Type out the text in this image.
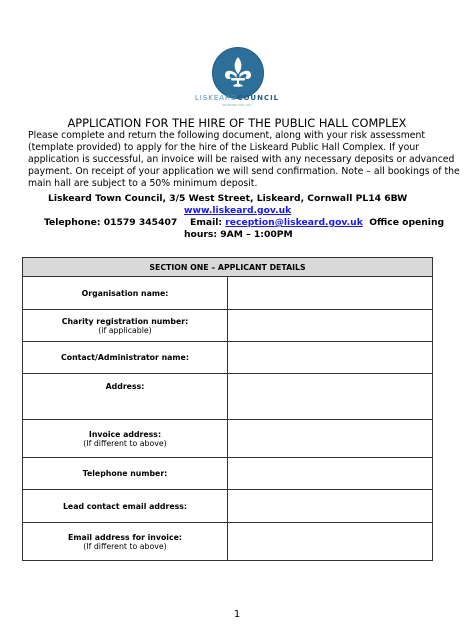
LISKEARDCOUNCIL
WORKING FOR YOU
APPLICATION FOR THE HIRE OF THE PUBLIC HALL COMPLEX
Please complete and return the following document, along with your risk assessment
(template provided) to apply for the hire of the Liskeard Public Hall Complex. If your
application is successful, an invoice will be raised with any necessary deposits or advanced
payment. On receipt of your application we will send confirmation. Note – all bookings of the
main hall are subject to a 50% minimum deposit.
Liskeard Town Council, 3/5 West Street, Liskeard, Cornwall PL14 6BW
www.liskeard.gov.uk
Telephone: 01579 345407 Email: reception@liskeard.gov.uk Office opening
hours: 9AM – 1:00PM
SECTION ONE – APPLICANT DETAILS	

Organisation name:	

Charity registration number:
(if applicable)	

Contact/Administrator name:	

Address:	

Invoice address:
(If different to above)	

Telephone number:	

Lead contact email address:	

Email address for invoice:
(If different to above)	

1
